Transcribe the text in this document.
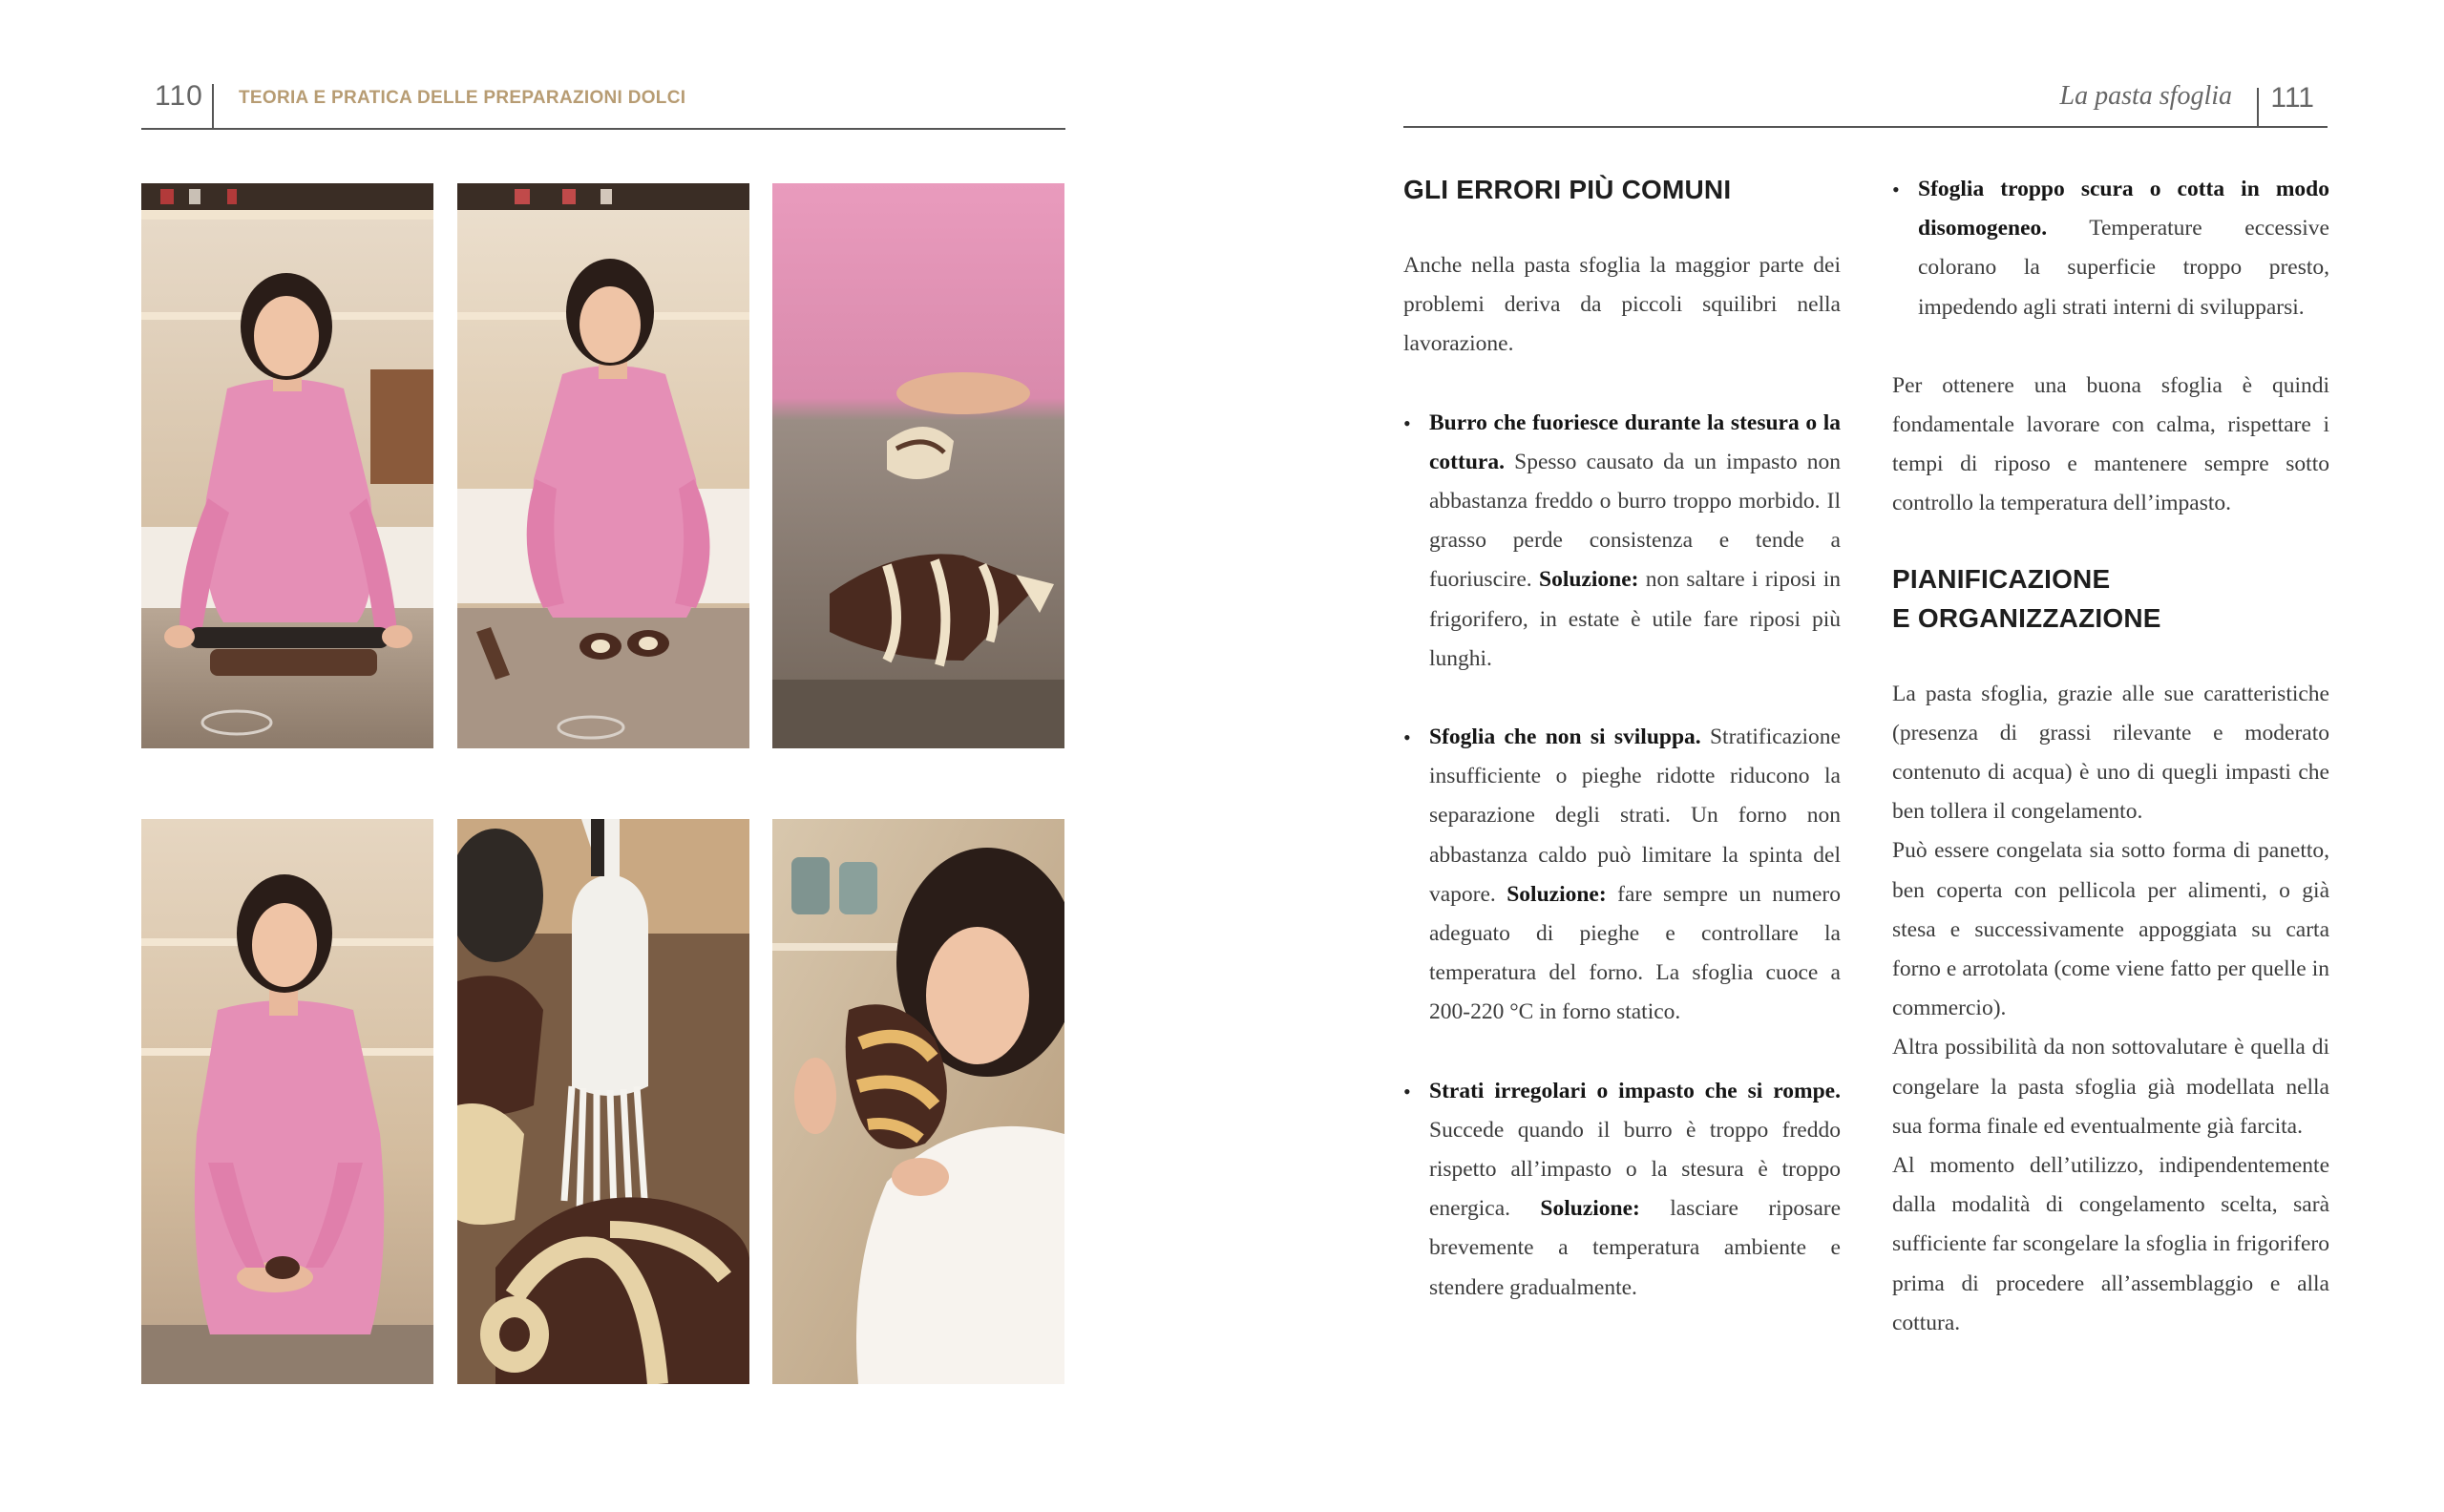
110 TEORIA E PRATICA DELLE PREPARAZIONI DOLCI	La pasta sfoglia 111
GLI ERRORI PIÙ COMUNI

Anche nella pasta sfoglia la maggior parte dei problemi deriva da piccoli squilibri nella lavorazione.

• Burro che fuoriesce durante la stesura o la cottura. Spesso causato da un impasto non abbastanza freddo o burro troppo morbido. Il grasso perde consistenza e tende a fuoriuscire. Soluzione: non saltare i riposi in frigorifero, in estate è utile fare riposi più lunghi.

• Sfoglia che non si sviluppa. Stratificazione insufficiente o pieghe ridotte riducono la separazione degli strati. Un forno non abbastanza caldo può limitare la spinta del vapore. Soluzione: fare sempre un numero adeguato di pieghe e controllare la temperatura del forno. La sfoglia cuoce a 200-220 °C in forno statico.

• Strati irregolari o impasto che si rompe. Succede quando il burro è troppo freddo rispetto all’impasto o la stesura è troppo energica. Soluzione: lasciare riposare brevemente a temperatura ambiente e stendere gradualmente.

• Sfoglia troppo scura o cotta in modo disomogeneo. Temperature eccessive colorano la superficie troppo presto, impedendo agli strati interni di svilupparsi.

Per ottenere una buona sfoglia è quindi fondamentale lavorare con calma, rispettare i tempi di riposo e mantenere sempre sotto controllo la temperatura dell’impasto.

PIANIFICAZIONE
E ORGANIZZAZIONE

La pasta sfoglia, grazie alle sue caratteristiche (presenza di grassi rilevante e moderato contenuto di acqua) è uno di quegli impasti che ben tollera il congelamento.

Può essere congelata sia sotto forma di panetto, ben coperta con pellicola per alimenti, o già stesa e successivamente appoggiata su carta forno e arrotolata (come viene fatto per quelle in commercio).

Altra possibilità da non sottovalutare è quella di congelare la pasta sfoglia già modellata nella sua forma finale ed eventualmente già farcita.

Al momento dell’utilizzo, indipendentemente dalla modalità di congelamento scelta, sarà sufficiente far scongelare la sfoglia in frigorifero prima di procedere all’assemblaggio e alla cottura.
